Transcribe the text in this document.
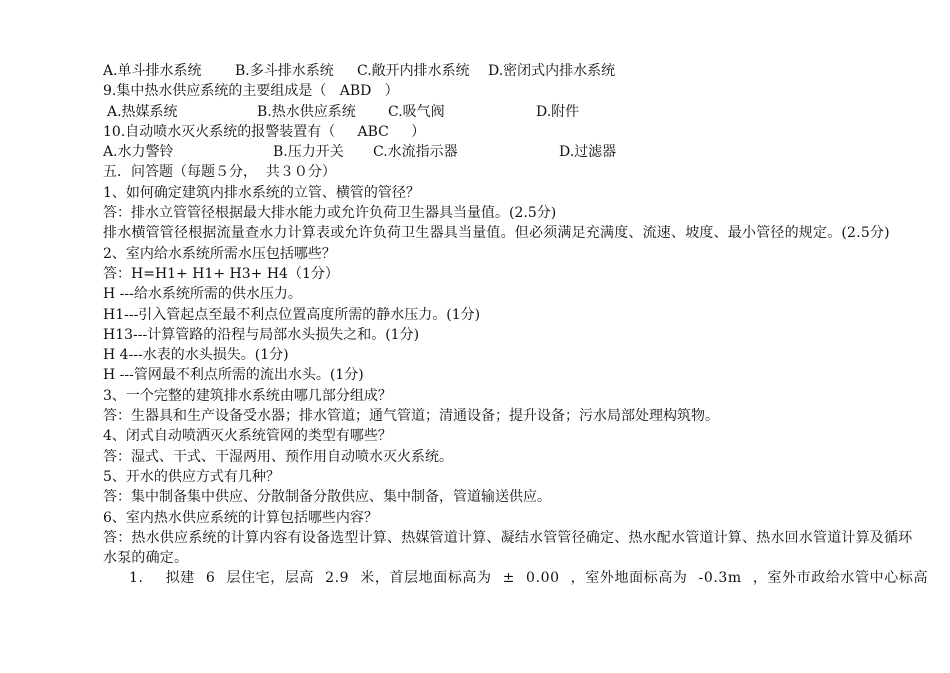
A.单斗排水系统	B.多斗排水系统	C.敞开内排水系统	D.密闭式内排水系统
9.集中热水供应系统的主要组成是（   ABD   ）
A.热媒系统	B.热水供应系统	C.吸气阀	D.附件
10.自动喷水灭火系统的报警装置有（     ABC     ）
A.水力警铃	B.压力开关	C.水流指示器	D.过滤器
五．问答题（每题５分，  共３０分）
1、如何确定建筑内排水系统的立管、横管的管径？
答：排水立管管径根据最大排水能力或允许负荷卫生器具当量值。(2.5分)
排水横管管径根据流量查水力计算表或允许负荷卫生器具当量值。但必须满足充满度、流速、坡度、最小管径的规定。(2.5分)
2、室内给水系统所需水压包括哪些？
答：H=H1+ H1+ H3+ H4（1分）
H ---给水系统所需的供水压力。
H1---引入管起点至最不利点位置高度所需的静水压力。(1分)
H13---计算管路的沿程与局部水头损失之和。(1分)
H 4---水表的水头损失。(1分)
H ---管网最不利点所需的流出水头。(1分)
3、一个完整的建筑排水系统由哪几部分组成？
答：生器具和生产设备受水器；排水管道；通气管道；清通设备；提升设备；污水局部处理构筑物。
4、闭式自动喷洒灭火系统管网的类型有哪些？
答：湿式、干式、干湿两用、预作用自动喷水灭火系统。
5、开水的供应方式有几种？
答：集中制备集中供应、分散制备分散供应、集中制备，管道输送供应。
6、室内热水供应系统的计算包括哪些内容？
答：热水供应系统的计算内容有设备选型计算、热媒管道计算、凝结水管管径确定、热水配水管道计算、热水回水管道计算及循环水泵的确定。
1.  拟建 6 层住宅，层高 2.9 米，首层地面标高为 ± 0.00 ，室外地面标高为 -0.3m ，室外市政给水管中心标高
